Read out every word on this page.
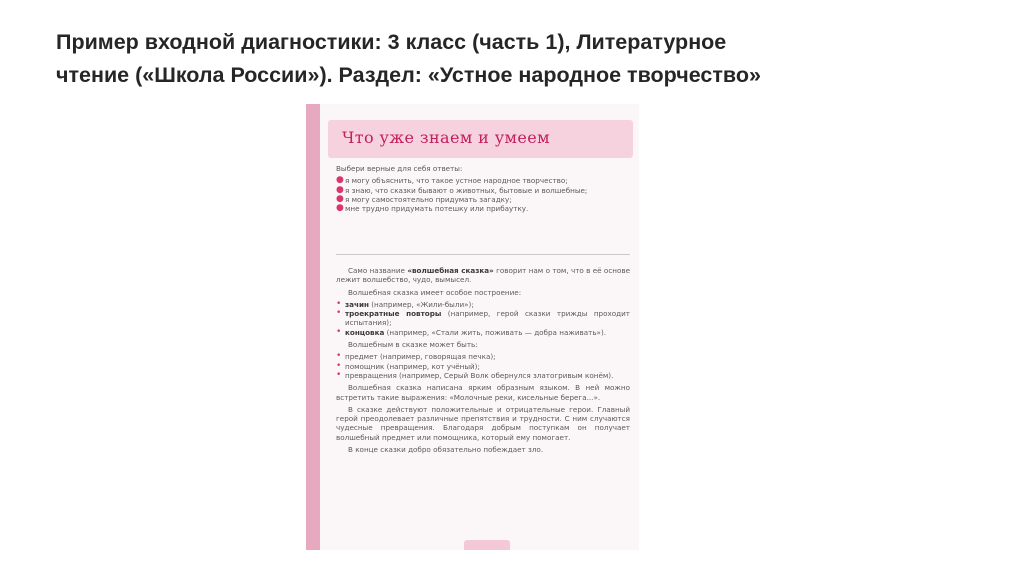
Пример входной диагностики: 3 класс (часть 1), Литературное
чтение («Школа России»). Раздел: «Устное народное творчество»
Что уже знаем и умеем

Выбери верные для себя ответы:

● я могу объяснить, что такое устное народное творчество;
● я знаю, что сказки бывают о животных, бытовые и волшебные;
● я могу самостоятельно придумать загадку;
● мне трудно придумать потешку или прибаутку.

Само название «волшебная сказка» говорит нам о том, что в её основе лежит волшебство, чудо, вымысел.

Волшебная сказка имеет особое построение:

• зачин (например, «Жили-были»);
• троекратные повторы (например, герой сказки трижды проходит испытания);
• концовка (например, «Стали жить, поживать — добра наживать»).

Волшебным в сказке может быть:

• предмет (например, говорящая печка);
• помощник (например, кот учёный);
• превращения (например, Серый Волк обернулся златогривым конём).

Волшебная сказка написана ярким образным языком. В ней можно встретить такие выражения: «Молочные реки, кисельные берега...».

В сказке действуют положительные и отрицательные герои. Главный герой преодолевает различные препятствия и трудности. С ним случаются чудесные превращения. Благодаря добрым поступкам он получает волшебный предмет или помощника, который ему помогает.

В конце сказки добро обязательно побеждает зло.
